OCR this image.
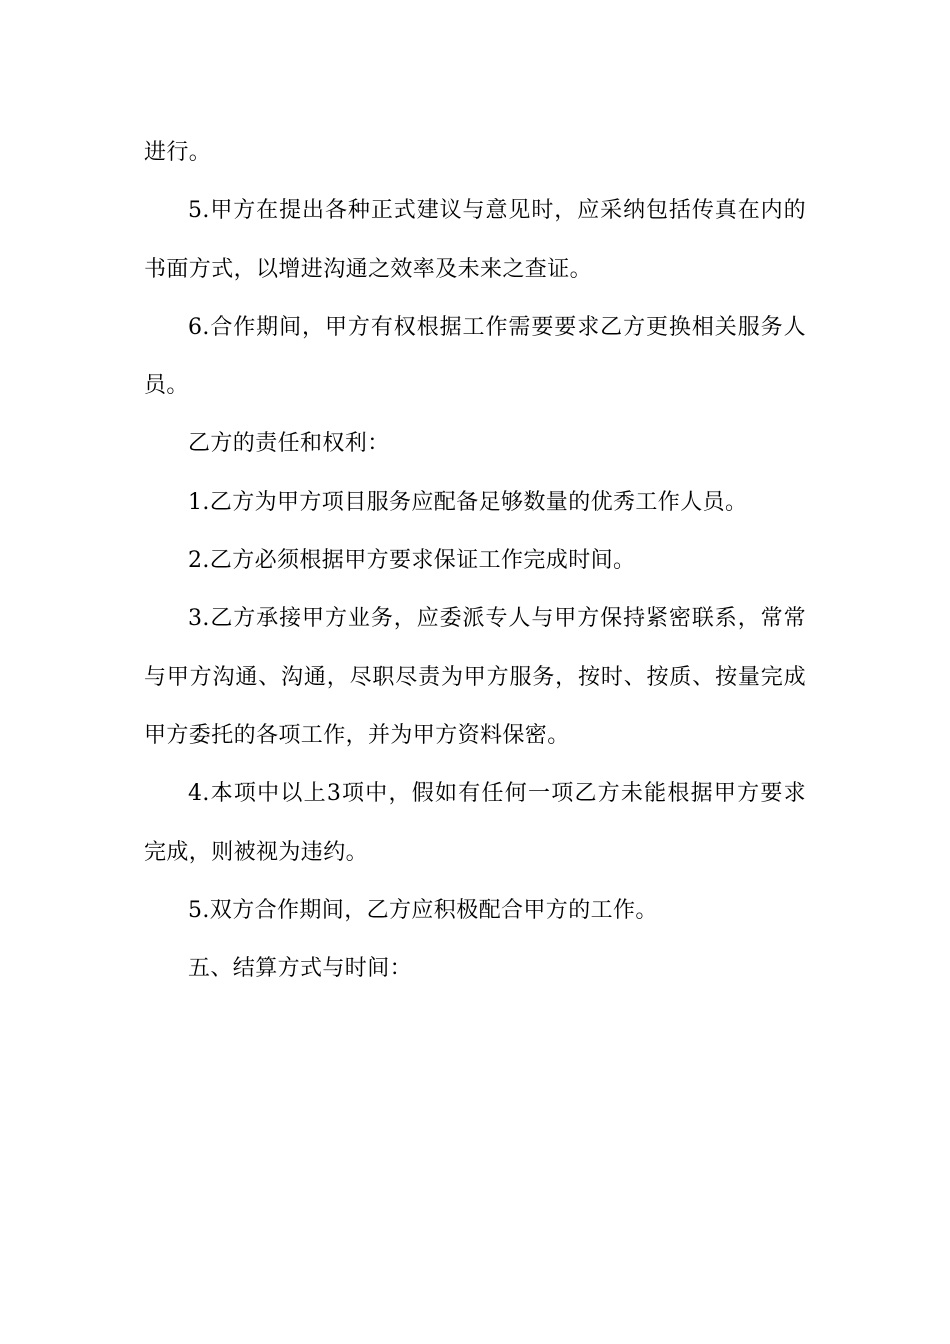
进行。

5.甲方在提出各种正式建议与意见时，应采纳包括传真在内的书面方式，以增进沟通之效率及未来之查证。

6.合作期间，甲方有权根据工作需要要求乙方更换相关服务人员。

乙方的责任和权利：

1.乙方为甲方项目服务应配备足够数量的优秀工作人员。

2.乙方必须根据甲方要求保证工作完成时间。

3.乙方承接甲方业务，应委派专人与甲方保持紧密联系，常常与甲方沟通、沟通，尽职尽责为甲方服务，按时、按质、按量完成甲方委托的各项工作，并为甲方资料保密。

4.本项中以上3项中，假如有任何一项乙方未能根据甲方要求完成，则被视为违约。

5.双方合作期间，乙方应积极配合甲方的工作。

五、结算方式与时间：
